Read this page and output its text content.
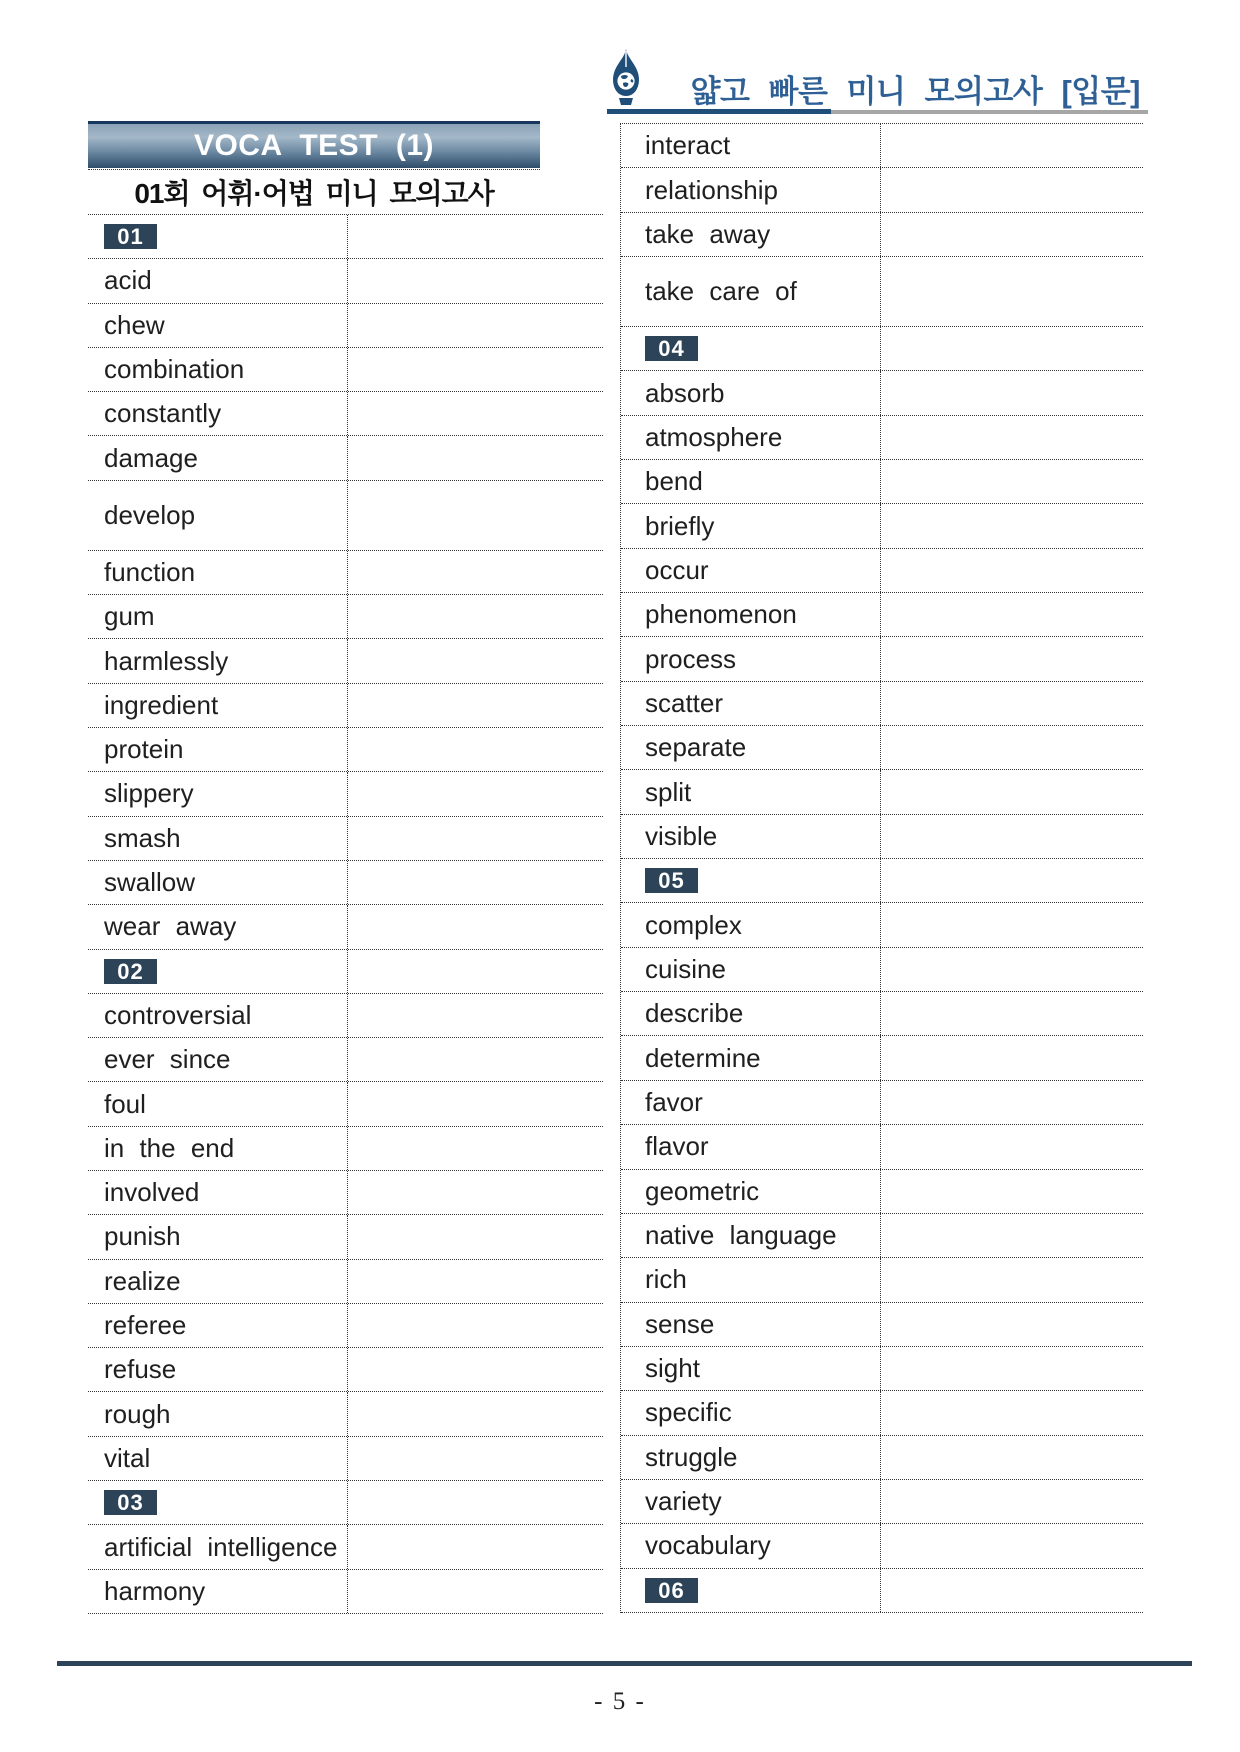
얇고 빠른 미니 모의고사 [입문]
VOCA TEST (1)
01회 어휘·어법 미니 모의고사
01
acid
chew
combination
constantly
damage
develop
function
gum
harmlessly
ingredient
protein
slippery
smash
swallow
wear away
02
controversial
ever since
foul
in the end
involved
punish
realize
referee
refuse
rough
vital
03
artificial intelligence
harmony
interact
relationship
take away
take care of
04
absorb
atmosphere
bend
briefly
occur
phenomenon
process
scatter
separate
split
visible
05
complex
cuisine
describe
determine
favor
flavor
geometric
native language
rich
sense
sight
specific
struggle
variety
vocabulary
06
- 5 -
